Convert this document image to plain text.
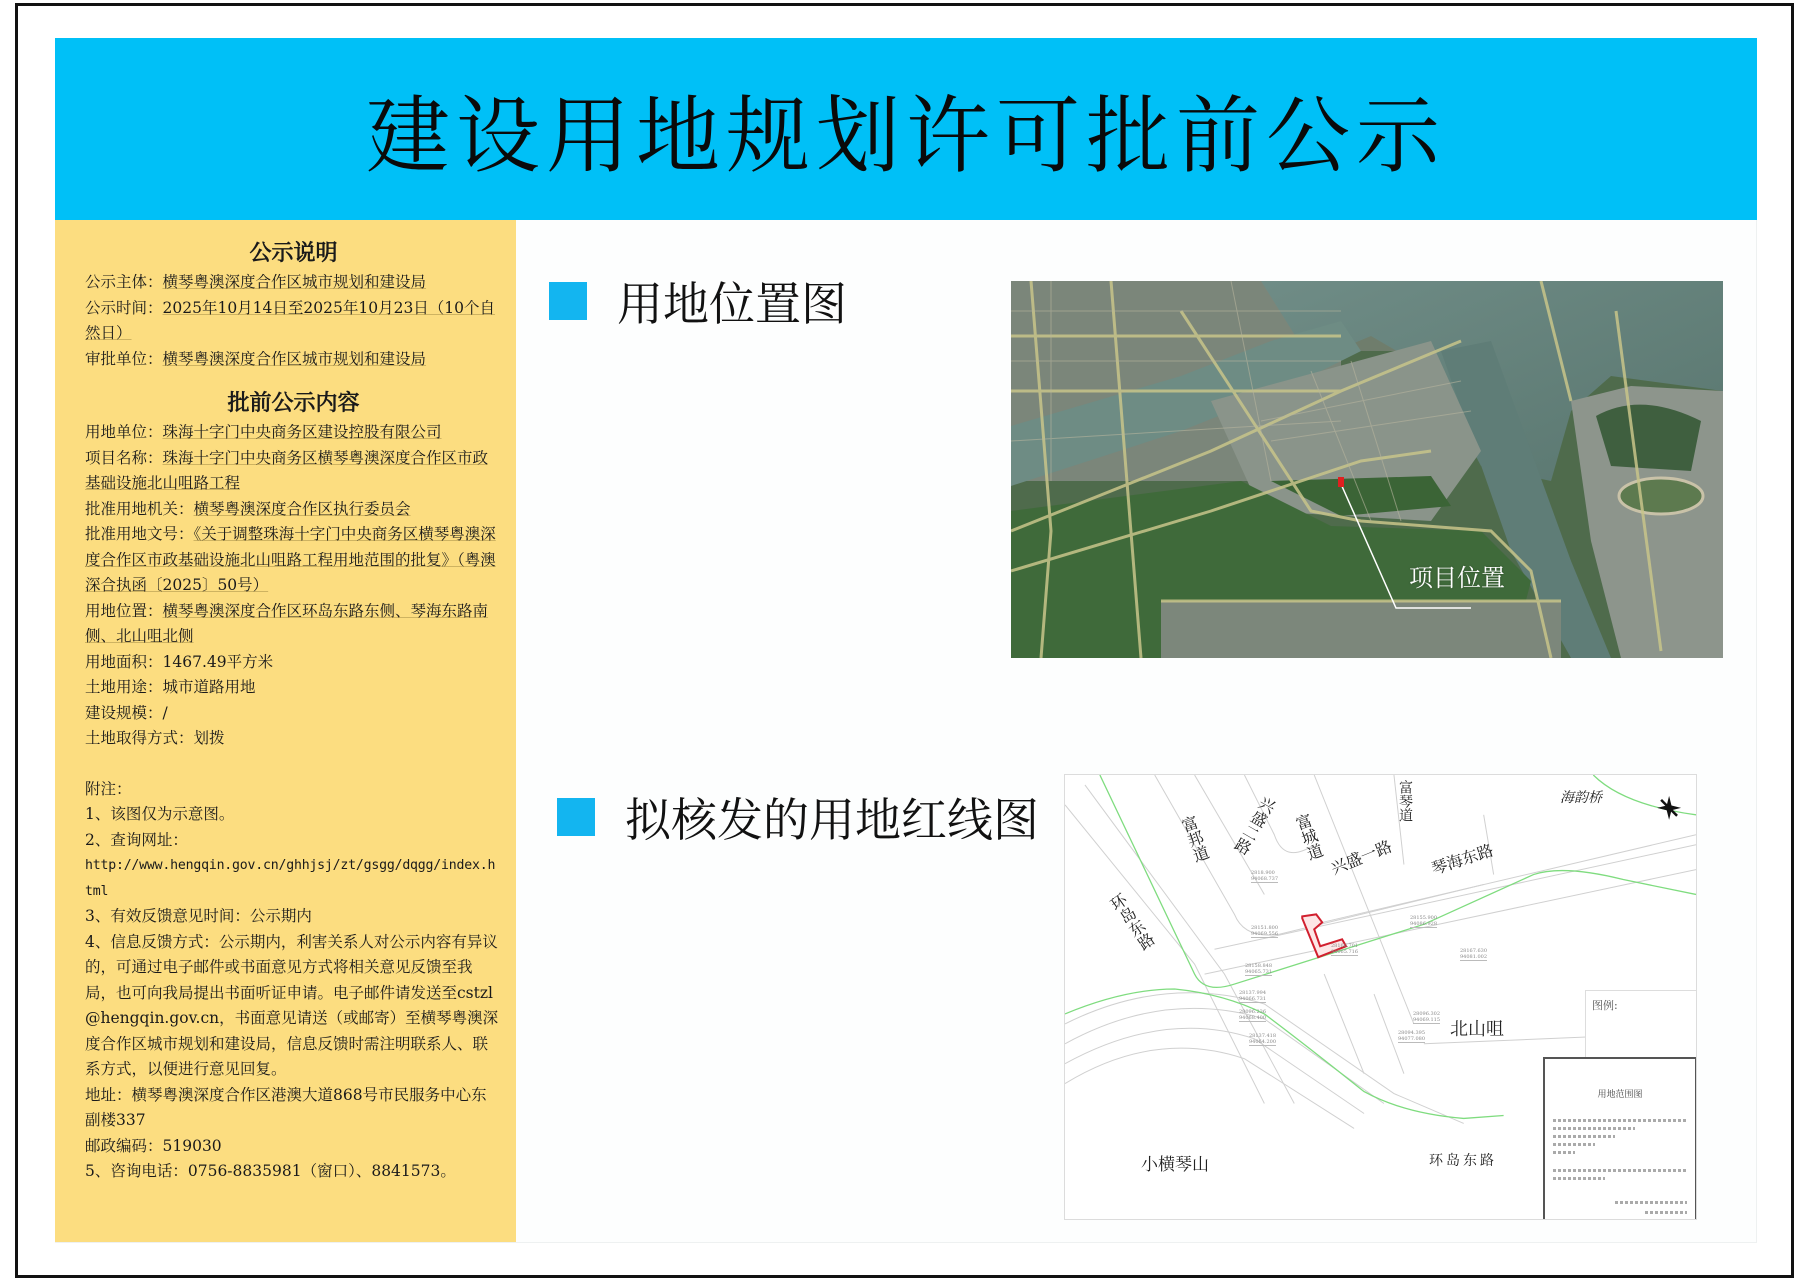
建设用地规划许可批前公示
公示说明
公示主体：横琴粤澳深度合作区城市规划和建设局
公示时间：2025年10月14日至2025年10月23日（10个自然日）
审批单位：横琴粤澳深度合作区城市规划和建设局
批前公示内容
用地单位：珠海十字门中央商务区建设控股有限公司
项目名称：珠海十字门中央商务区横琴粤澳深度合作区市政基础设施北山咀路工程
批准用地机关：横琴粤澳深度合作区执行委员会
批准用地文号：《关于调整珠海十字门中央商务区横琴粤澳深度合作区市政基础设施北山咀路工程用地范围的批复》（粤澳深合执函〔2025〕50号）
用地位置：横琴粤澳深度合作区环岛东路东侧、琴海东路南侧、北山咀北侧
用地面积：1467.49平方米
土地用途：城市道路用地
建设规模：/
土地取得方式：划拨
附注：
1、该图仅为示意图。
2、查询网址：
http://www.hengqin.gov.cn/ghhjsj/zt/gsgg/dqgg/index.html
3、有效反馈意见时间：公示期内
4、信息反馈方式：公示期内，利害关系人对公示内容有异议的，可通过电子邮件或书面意见方式将相关意见反馈至我局，也可向我局提出书面听证申请。电子邮件请发送至cstzl@hengqin.gov.cn，书面意见请送（或邮寄）至横琴粤澳深度合作区城市规划和建设局，信息反馈时需注明联系人、联系方式，以便进行意见回复。
地址：横琴粤澳深度合作区港澳大道868号市民服务中心东副楼337
邮政编码：519030
5、咨询电话：0756-8835981（窗口）、8841573。
用地位置图
项目位置
拟核发的用地红线图
2818.900
94068.737
28151.800
94069.556
28155.900
94086.928
28166.701
94065.716	28167.630
94081.002
28158.848
94065.731
28137.994
94066.731
28096.236
94068.400
28096.302
94069.115
28137.418
94064.200
28094.395
94077.080
环岛东路
富邦道 兴盛二路 富城道 兴盛一路
富琴道
琴海东路
海韵桥
北山咀
小横琴山	环岛东路
图例:
用地范围图
